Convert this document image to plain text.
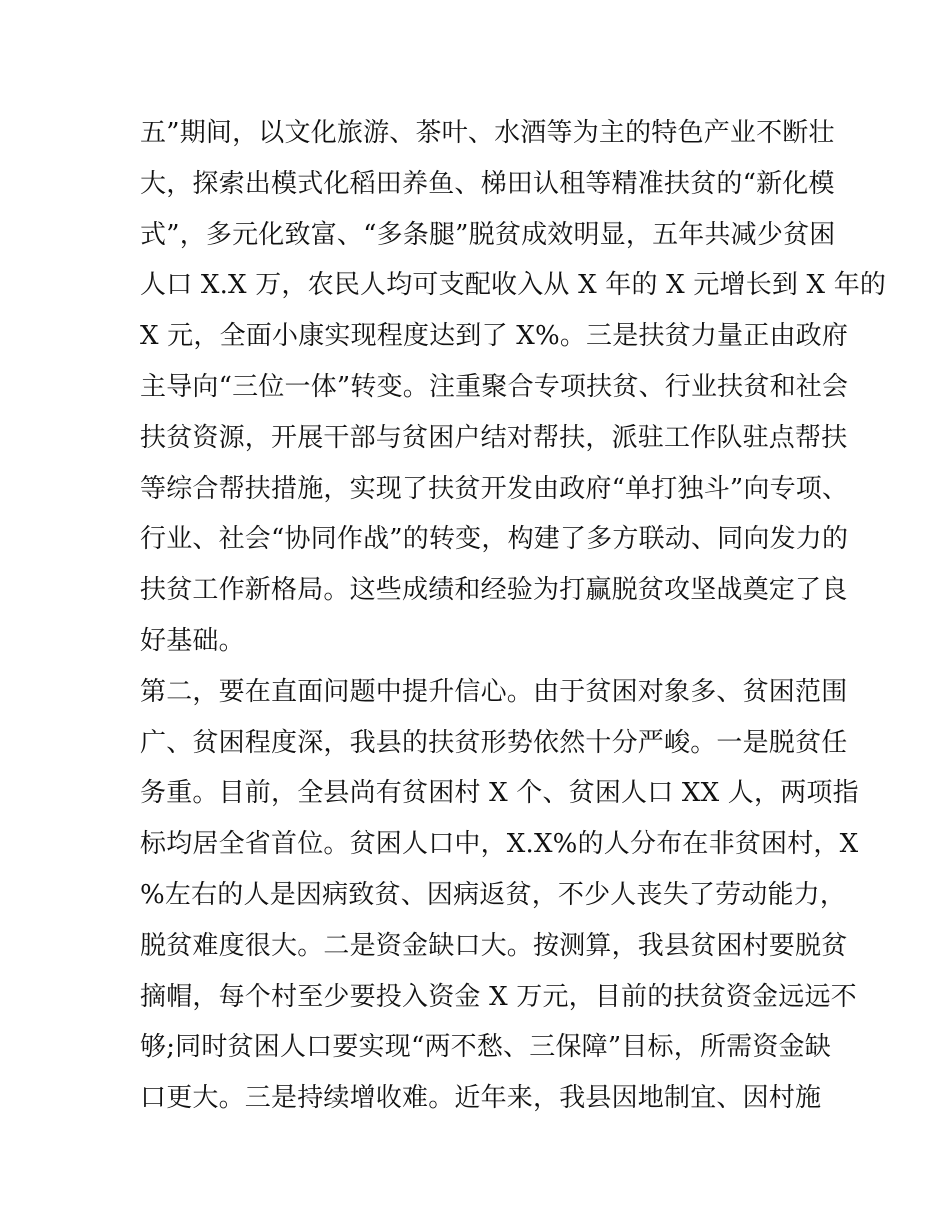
五”期间，以文化旅游、茶叶、水酒等为主的特色产业不断壮
大，探索出模式化稻田养鱼、梯田认租等精准扶贫的“新化模
式”，多元化致富、“多条腿”脱贫成效明显，五年共减少贫困
人口 X.X 万，农民人均可支配收入从 X 年的 X 元增长到 X 年的
X 元，全面小康实现程度达到了 X%。三是扶贫力量正由政府
主导向“三位一体”转变。注重聚合专项扶贫、行业扶贫和社会
扶贫资源，开展干部与贫困户结对帮扶，派驻工作队驻点帮扶
等综合帮扶措施，实现了扶贫开发由政府“单打独斗”向专项、
行业、社会“协同作战”的转变，构建了多方联动、同向发力的
扶贫工作新格局。这些成绩和经验为打赢脱贫攻坚战奠定了良
好基础。
第二，要在直面问题中提升信心。由于贫困对象多、贫困范围
广、贫困程度深，我县的扶贫形势依然十分严峻。一是脱贫任
务重。目前，全县尚有贫困村 X 个、贫困人口 XX 人，两项指
标均居全省首位。贫困人口中，X.X%的人分布在非贫困村，X
%左右的人是因病致贫、因病返贫，不少人丧失了劳动能力，
脱贫难度很大。二是资金缺口大。按测算，我县贫困村要脱贫
摘帽，每个村至少要投入资金 X 万元，目前的扶贫资金远远不
够;同时贫困人口要实现“两不愁、三保障”目标，所需资金缺
口更大。三是持续增收难。近年来，我县因地制宜、因村施
